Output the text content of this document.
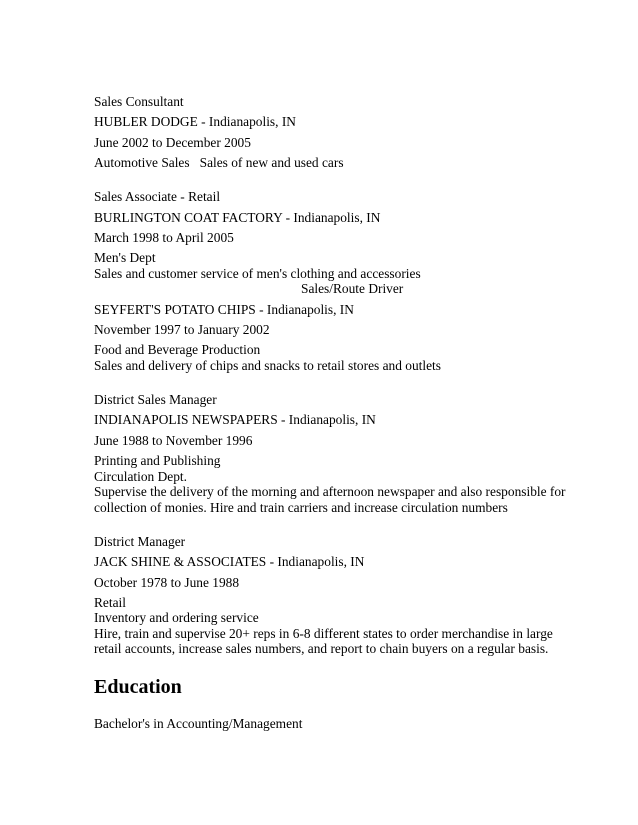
Sales Consultant
HUBLER DODGE - Indianapolis, IN
June 2002 to December 2005
Automotive Sales   Sales of new and used cars
Sales Associate - Retail
BURLINGTON COAT FACTORY - Indianapolis, IN
March 1998 to April 2005
Men's Dept
Sales and customer service of men's clothing and accessories
Sales/Route Driver
SEYFERT'S POTATO CHIPS - Indianapolis, IN
November 1997 to January 2002
Food and Beverage Production
Sales and delivery of chips and snacks to retail stores and outlets
District Sales Manager
INDIANAPOLIS NEWSPAPERS - Indianapolis, IN
June 1988 to November 1996
Printing and Publishing
Circulation Dept.
Supervise the delivery of the morning and afternoon newspaper and also responsible for
collection of monies. Hire and train carriers and increase circulation numbers
District Manager
JACK SHINE & ASSOCIATES - Indianapolis, IN
October 1978 to June 1988
Retail
Inventory and ordering service
Hire, train and supervise 20+ reps in 6-8 different states to order merchandise in large
retail accounts, increase sales numbers, and report to chain buyers on a regular basis.
Education
Bachelor's in Accounting/Management
